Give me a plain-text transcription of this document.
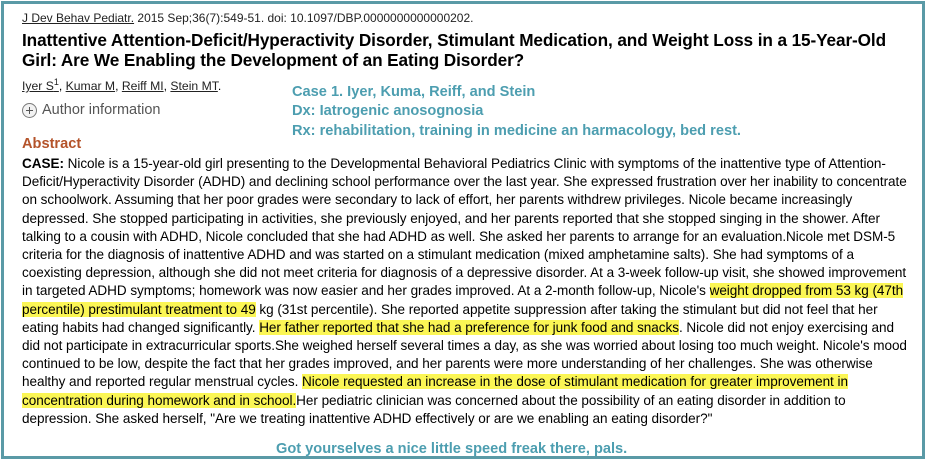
J Dev Behav Pediatr. 2015 Sep;36(7):549-51. doi: 10.1097/DBP.0000000000000202.
Inattentive Attention-Deficit/Hyperactivity Disorder, Stimulant Medication, and Weight Loss in a 15-Year-Old Girl: Are We Enabling the Development of an Eating Disorder?
Iyer $S^1$, Kumar M, Reiff MI, Stein MT.
Author information
Case 1. Iyer, Kuma, Reiff, and Stein
Dx: Iatrogenic anosognosia
Rx: rehabilitation, training in medicine an harmacology, bed rest.
Abstract
CASE: Nicole is a 15-year-old girl presenting to the Developmental Behavioral Pediatrics Clinic with symptoms of the inattentive type of Attention-Deficit/Hyperactivity Disorder (ADHD) and declining school performance over the last year. She expressed frustration over her inability to concentrate on schoolwork. Assuming that her poor grades were secondary to lack of effort, her parents withdrew privileges. Nicole became increasingly depressed. She stopped participating in activities, she previously enjoyed, and her parents reported that she stopped singing in the shower. After talking to a cousin with ADHD, Nicole concluded that she had ADHD as well. She asked her parents to arrange for an evaluation.Nicole met DSM-5 criteria for the diagnosis of inattentive ADHD and was started on a stimulant medication (mixed amphetamine salts). She had symptoms of a coexisting depression, although she did not meet criteria for diagnosis of a depressive disorder. At a 3-week follow-up visit, she showed improvement in targeted ADHD symptoms; homework was now easier and her grades improved. At a 2-month follow-up, Nicole's weight dropped from 53 kg (47th percentile) prestimulant treatment to 49 kg (31st percentile). She reported appetite suppression after taking the stimulant but did not feel that her eating habits had changed significantly. Her father reported that she had a preference for junk food and snacks. Nicole did not enjoy exercising and did not participate in extracurricular sports.She weighed herself several times a day, as she was worried about losing too much weight. Nicole's mood continued to be low, despite the fact that her grades improved, and her parents were more understanding of her challenges. She was otherwise healthy and reported regular menstrual cycles. Nicole requested an increase in the dose of stimulant medication for greater improvement in concentration during homework and in school.Her pediatric clinician was concerned about the possibility of an eating disorder in addition to depression. She asked herself, "Are we treating inattentive ADHD effectively or are we enabling an eating disorder?"
Got yourselves a nice little speed freak there, pals.
